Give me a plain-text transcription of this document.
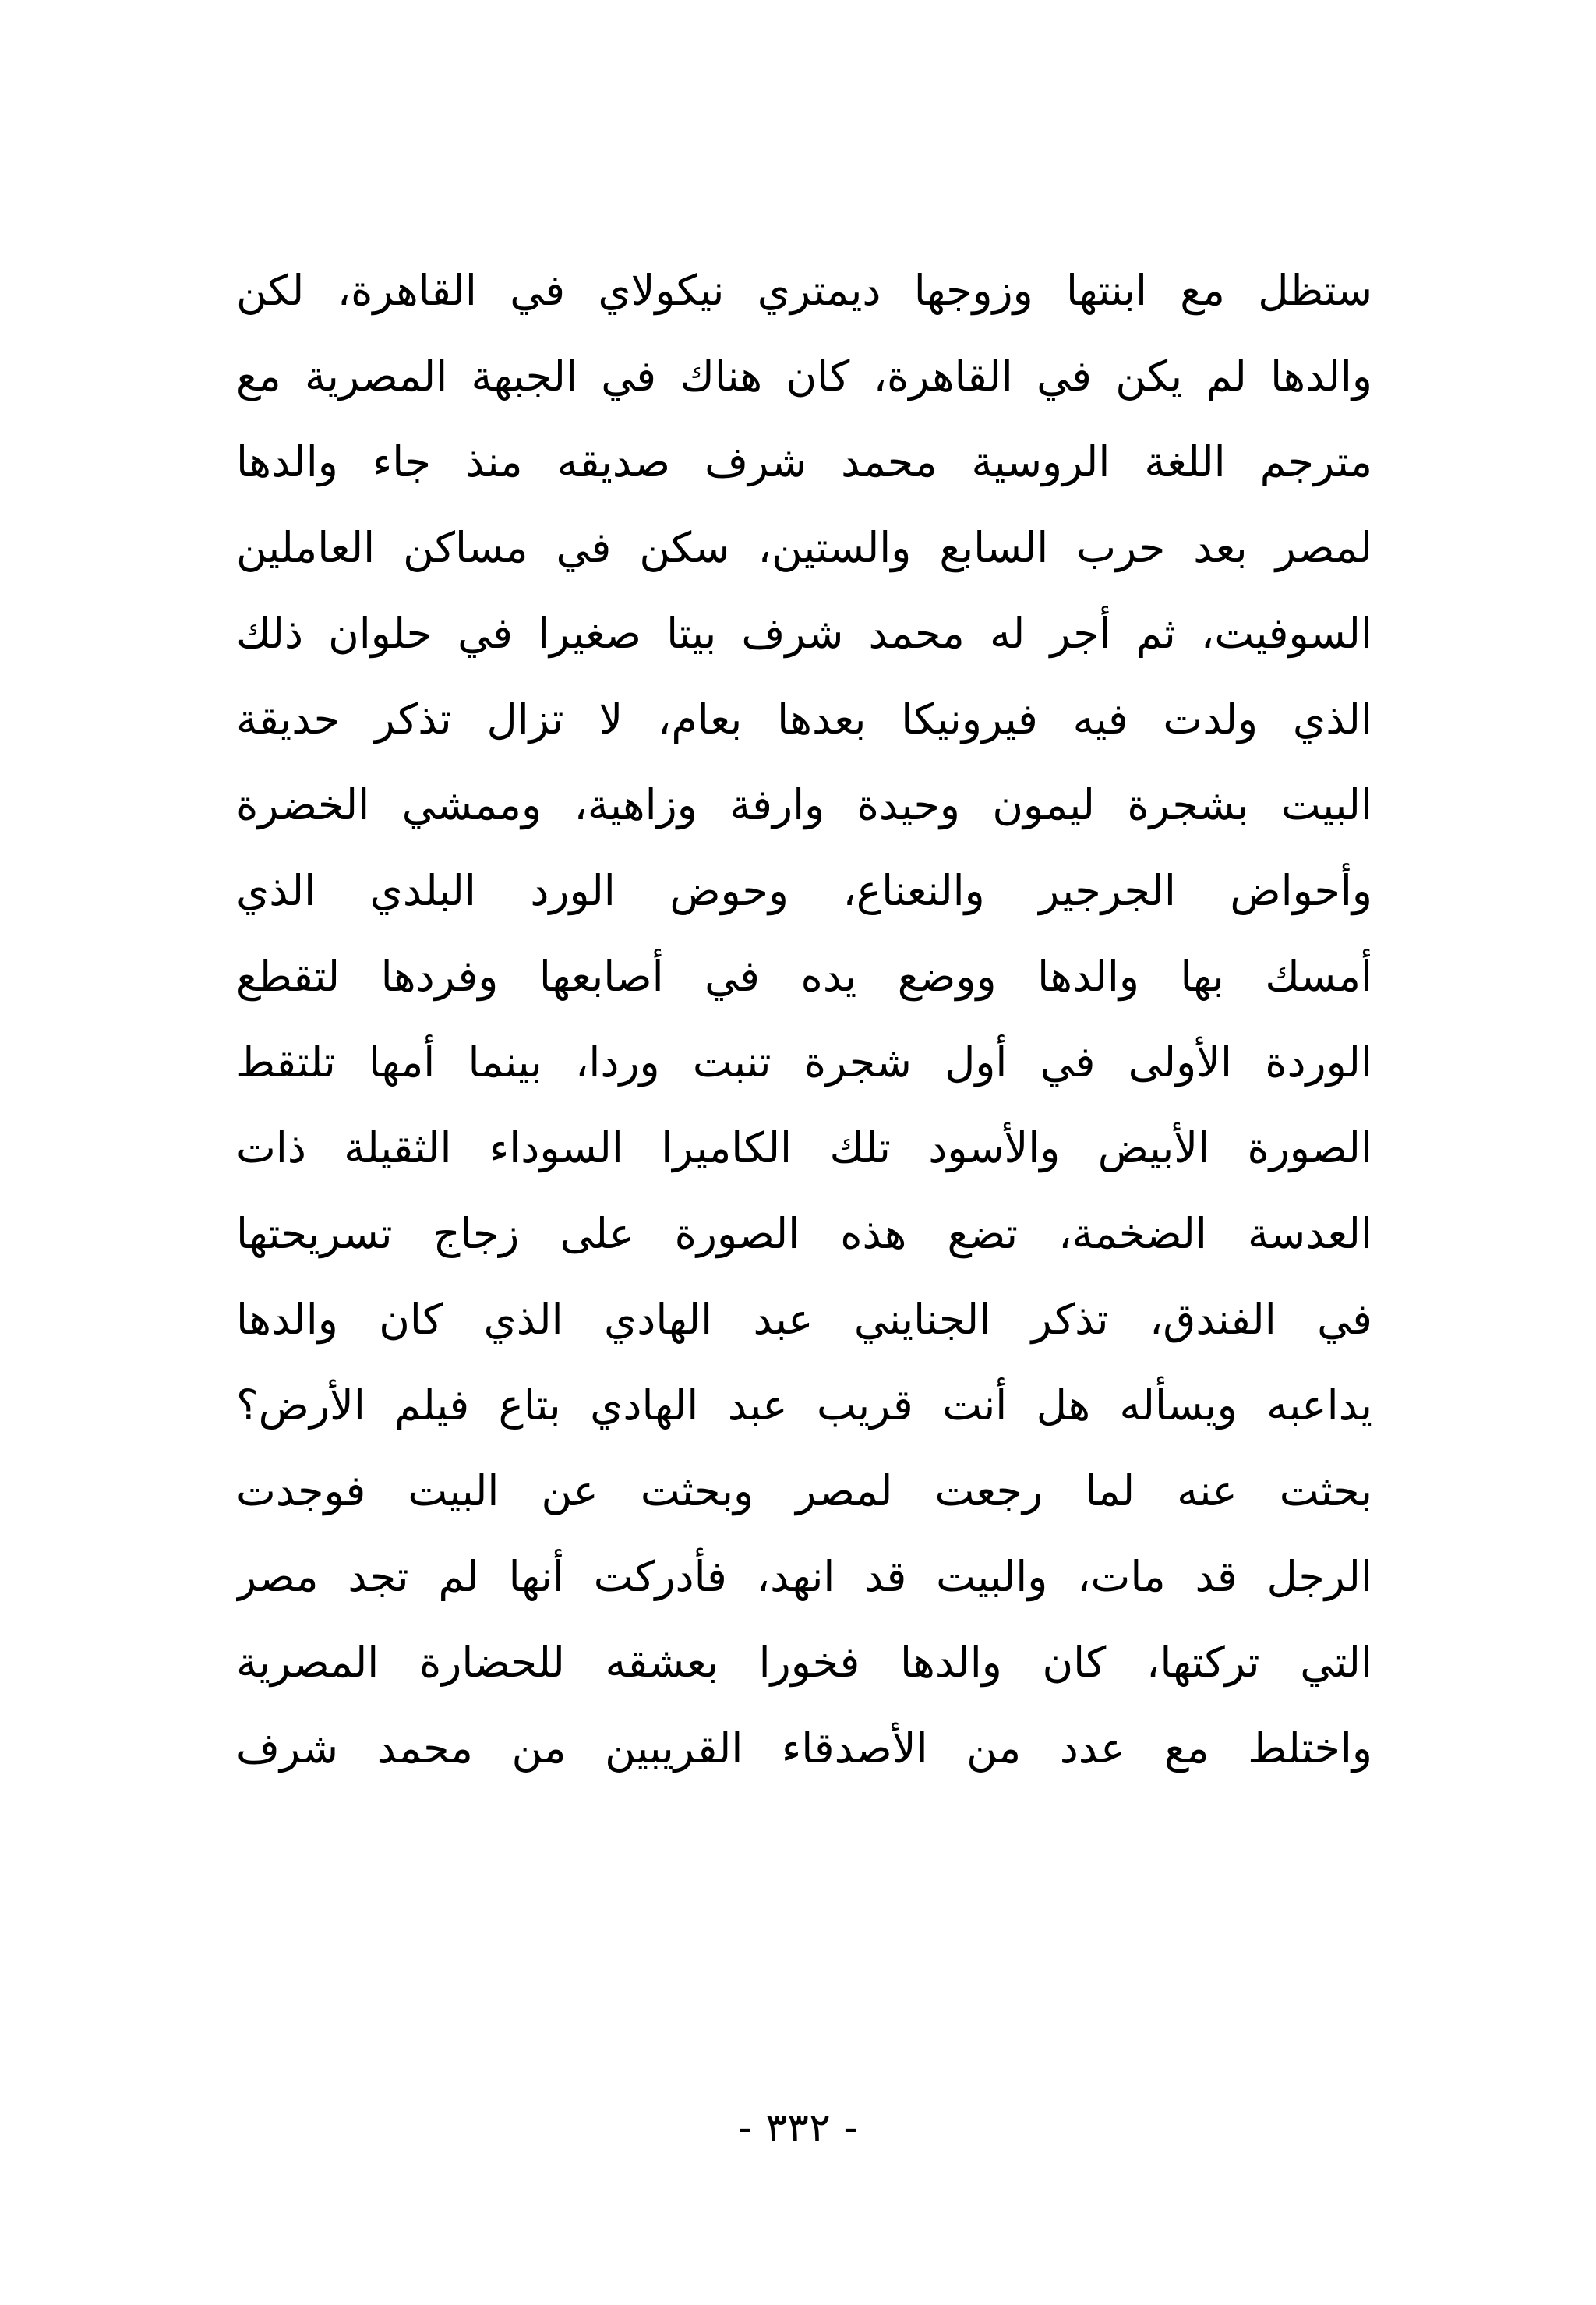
ستظل مع ابنتها وزوجها ديمتري نيكولاي في القاهرة، لكن
والدها لم يكن في القاهرة، كان هناك في الجبهة المصرية مع
مترجم اللغة الروسية محمد شرف صديقه منذ جاء والدها
لمصر بعد حرب السابع والستين، سكن في مساكن العاملين
السوفيت، ثم أجر له محمد شرف بيتا صغيرا في حلوان ذلك
الذي ولدت فيه فيرونيكا بعدها بعام، لا تزال تذكر حديقة
البيت بشجرة ليمون وحيدة وارفة وزاهية، وممشي الخضرة
وأحواض الجرجير والنعناع، وحوض الورد البلدي الذي
أمسك بها والدها ووضع يده في أصابعها وفردها لتقطع
الوردة الأولى في أول شجرة تنبت وردا، بينما أمها تلتقط
الصورة الأبيض والأسود تلك الكاميرا السوداء الثقيلة ذات
العدسة الضخمة، تضع هذه الصورة على زجاج تسريحتها
في الفندق، تذكر الجنايني عبد الهادي الذي كان والدها
يداعبه ويسأله هل أنت قريب عبد الهادي بتاع فيلم الأرض؟
بحثت عنه لما رجعت لمصر وبحثت عن البيت فوجدت
الرجل قد مات، والبيت قد انهد، فأدركت أنها لم تجد مصر
التي تركتها، كان والدها فخورا بعشقه للحضارة المصرية
واختلط مع عدد من الأصدقاء القريبين من محمد شرف
- ٣٣٢ -
